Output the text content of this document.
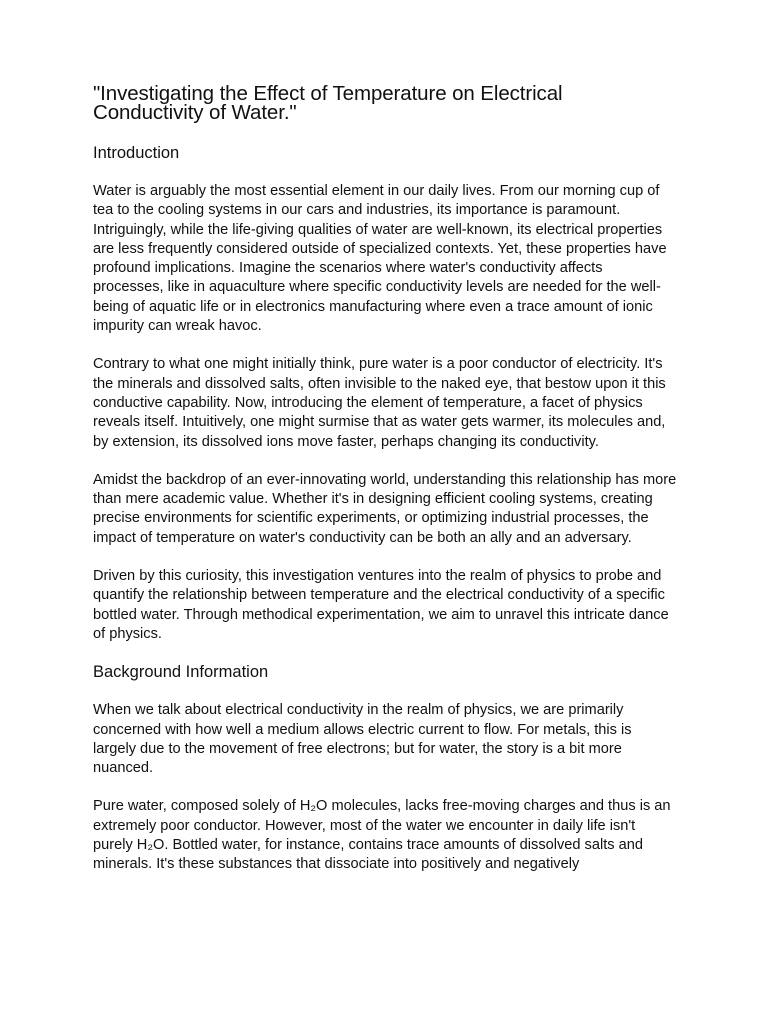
"Investigating the Effect of Temperature on Electrical Conductivity of Water."
Introduction

Water is arguably the most essential element in our daily lives. From our morning cup of tea to the cooling systems in our cars and industries, its importance is paramount. Intriguingly, while the life-giving qualities of water are well-known, its electrical properties are less frequently considered outside of specialized contexts. Yet, these properties have profound implications. Imagine the scenarios where water's conductivity affects processes, like in aquaculture where specific conductivity levels are needed for the well-being of aquatic life or in electronics manufacturing where even a trace amount of ionic impurity can wreak havoc.

Contrary to what one might initially think, pure water is a poor conductor of electricity. It's the minerals and dissolved salts, often invisible to the naked eye, that bestow upon it this conductive capability. Now, introducing the element of temperature, a facet of physics reveals itself. Intuitively, one might surmise that as water gets warmer, its molecules and, by extension, its dissolved ions move faster, perhaps changing its conductivity.

Amidst the backdrop of an ever-innovating world, understanding this relationship has more than mere academic value. Whether it's in designing efficient cooling systems, creating precise environments for scientific experiments, or optimizing industrial processes, the impact of temperature on water's conductivity can be both an ally and an adversary.

Driven by this curiosity, this investigation ventures into the realm of physics to probe and quantify the relationship between temperature and the electrical conductivity of a specific bottled water. Through methodical experimentation, we aim to unravel this intricate dance of physics.

Background Information

When we talk about electrical conductivity in the realm of physics, we are primarily concerned with how well a medium allows electric current to flow. For metals, this is largely due to the movement of free electrons; but for water, the story is a bit more nuanced.

Pure water, composed solely of H₂O molecules, lacks free-moving charges and thus is an extremely poor conductor. However, most of the water we encounter in daily life isn't purely H₂O. Bottled water, for instance, contains trace amounts of dissolved salts and minerals. It's these substances that dissociate into positively and negatively
